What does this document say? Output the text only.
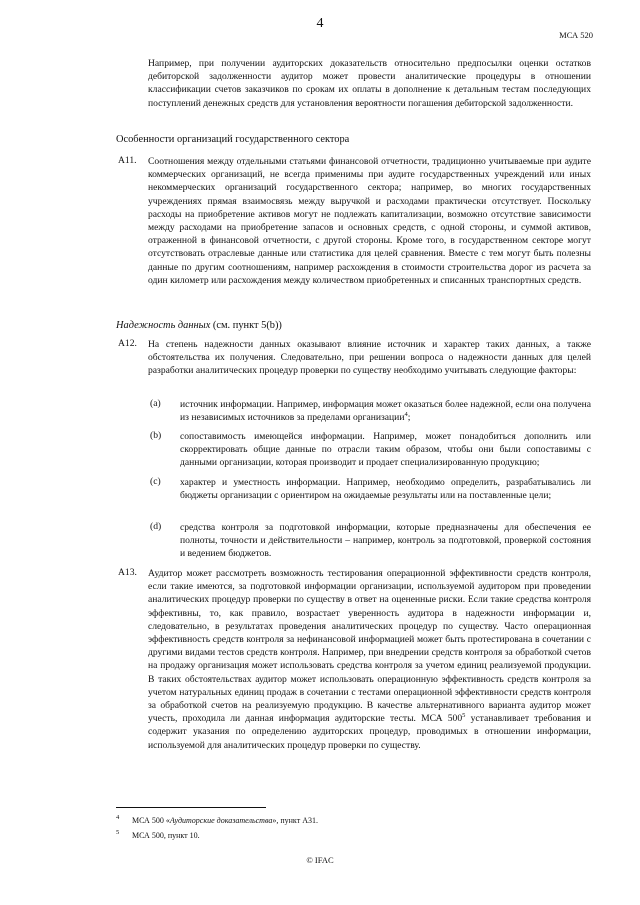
4
МСА 520

Например, при получении аудиторских доказательств относительно предпосылки оценки остатков дебиторской задолженности аудитор может провести аналитические процедуры в отношении классификации счетов заказчиков по срокам их оплаты в дополнение к детальным тестам последующих поступлений денежных средств для установления вероятности погашения дебиторской задолженности.

Особенности организаций государственного сектора
A11. Соотношения между отдельными статьями финансовой отчетности, традиционно учитываемые при аудите коммерческих организаций, не всегда применимы при аудите государственных учреждений или иных некоммерческих организаций государственного сектора; например, во многих государственных учреждениях прямая взаимосвязь между выручкой и расходами практически отсутствует. Поскольку расходы на приобретение активов могут не подлежать капитализации, возможно отсутствие зависимости между расходами на приобретение запасов и основных средств, с одной стороны, и суммой активов, отраженной в финансовой отчетности, с другой стороны. Кроме того, в государственном секторе могут отсутствовать отраслевые данные или статистика для целей сравнения. Вместе с тем могут быть полезны данные по другим соотношениям, например расхождения в стоимости строительства дорог из расчета за один километр или расхождения между количеством приобретенных и списанных транспортных средств.

Надежность данных (см. пункт 5(b))
A12. На степень надежности данных оказывают влияние источник и характер таких данных, а также обстоятельства их получения. Следовательно, при решении вопроса о надежности данных для целей разработки аналитических процедур проверки по существу необходимо учитывать следующие факторы:

(a) источник информации. Например, информация может оказаться более надежной, если она получена из независимых источников за пределами организации$^4$;

(b) сопоставимость имеющейся информации. Например, может понадобиться дополнить или скорректировать общие данные по отрасли таким образом, чтобы они были сопоставимы с данными организации, которая производит и продает специализированную продукцию;

(c) характер и уместность информации. Например, необходимо определить, разрабатывались ли бюджеты организации с ориентиром на ожидаемые результаты или на поставленные цели;

(d) средства контроля за подготовкой информации, которые предназначены для обеспечения ее полноты, точности и действительности – например, контроль за подготовкой, проверкой состояния и ведением бюджетов.

A13. Аудитор может рассмотреть возможность тестирования операционной эффективности средств контроля, если такие имеются, за подготовкой информации организации, используемой аудитором при проведении аналитических процедур проверки по существу в ответ на оцененные риски. Если такие средства контроля эффективны, то, как правило, возрастает уверенность аудитора в надежности информации и, следовательно, в результатах проведения аналитических процедур по существу. Часто операционная эффективность средств контроля за нефинансовой информацией может быть протестирована в сочетании с другими видами тестов средств контроля. Например, при внедрении средств контроля за обработкой счетов на продажу организация может использовать средства контроля за учетом единиц реализуемой продукции. В таких обстоятельствах аудитор может использовать операционную эффективность средств контроля за учетом натуральных единиц продаж в сочетании с тестами операционной эффективности средств контроля за обработкой счетов на реализуемую продукцию. В качестве альтернативного варианта аудитор может учесть, проходила ли данная информация аудиторские тесты. МСА $500^5$ устанавливает требования и содержит указания по определению аудиторских процедур, проводимых в отношении информации, используемой для аналитических процедур проверки по существу.

4 МСА 500 «Аудиторские доказательства», пункт А31.
5 МСА 500, пункт 10.
© IFAC
